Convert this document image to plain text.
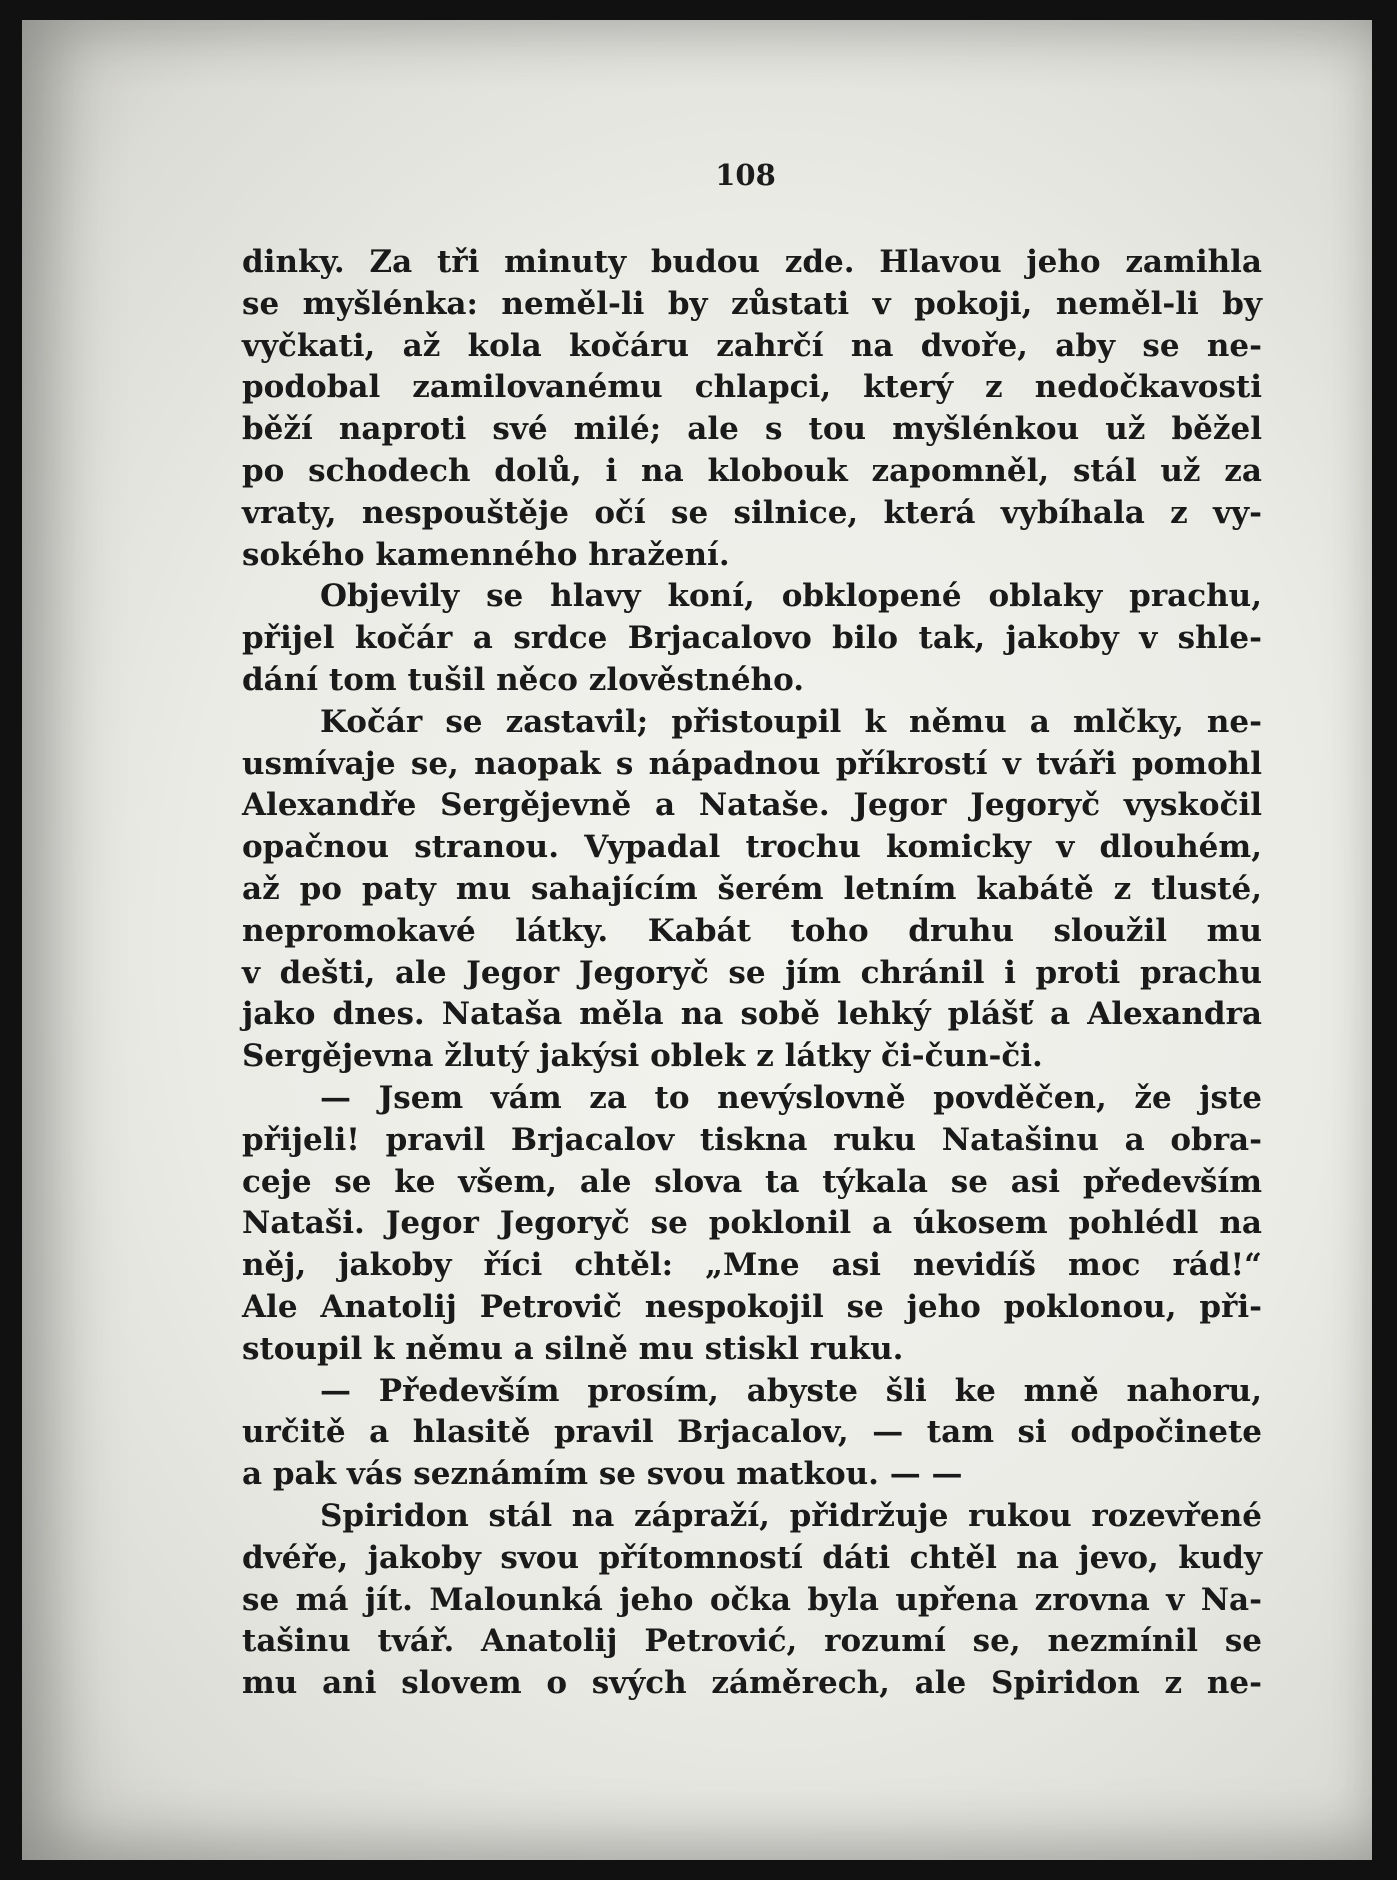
108
dinky. Za tři minuty budou zde. Hlavou jeho zamihla
se myšlénka: neměl-li by zůstati v pokoji, neměl-li by
vyčkati, až kola kočáru zahrčí na dvoře, aby se ne-
podobal zamilovanému chlapci, který z nedočkavosti
běží naproti své milé; ale s tou myšlénkou už běžel
po schodech dolů, i na klobouk zapomněl, stál už za
vraty, nespouštěje očí se silnice, která vybíhala z vy-
sokého kamenného hražení.
Objevily se hlavy koní, obklopené oblaky prachu,
přijel kočár a srdce Brjacalovo bilo tak, jakoby v shle-
dání tom tušil něco zlověstného.
Kočár se zastavil; přistoupil k němu a mlčky, ne-
usmívaje se, naopak s nápadnou příkrostí v tváři pomohl
Alexandře Sergějevně a Nataše. Jegor Jegoryč vyskočil
opačnou stranou. Vypadal trochu komicky v dlouhém,
až po paty mu sahajícím šerém letním kabátě z tlusté,
nepromokavé látky. Kabát toho druhu sloužil mu
v dešti, ale Jegor Jegoryč se jím chránil i proti prachu
jako dnes. Nataša měla na sobě lehký plášť a Alexandra
Sergějevna žlutý jakýsi oblek z látky či-čun-či.
— Jsem vám za to nevýslovně povděčen, že jste
přijeli! pravil Brjacalov tiskna ruku Natašinu a obra-
ceje se ke všem, ale slova ta týkala se asi především
Nataši. Jegor Jegoryč se poklonil a úkosem pohlédl na
něj, jakoby říci chtěl: „Mne asi nevidíš moc rád!“
Ale Anatolij Petrovič nespokojil se jeho poklonou, při-
stoupil k němu a silně mu stiskl ruku.
— Především prosím, abyste šli ke mně nahoru,
určitě a hlasitě pravil Brjacalov, — tam si odpočinete
a pak vás seznámím se svou matkou. — —
Spiridon stál na zápraží, přidržuje rukou rozevřené
dvéře, jakoby svou přítomností dáti chtěl na jevo, kudy
se má jít. Malounká jeho očka byla upřena zrovna v Na-
tašinu tvář. Anatolij Petrović, rozumí se, nezmínil se
mu ani slovem o svých záměrech, ale Spiridon z ne-
